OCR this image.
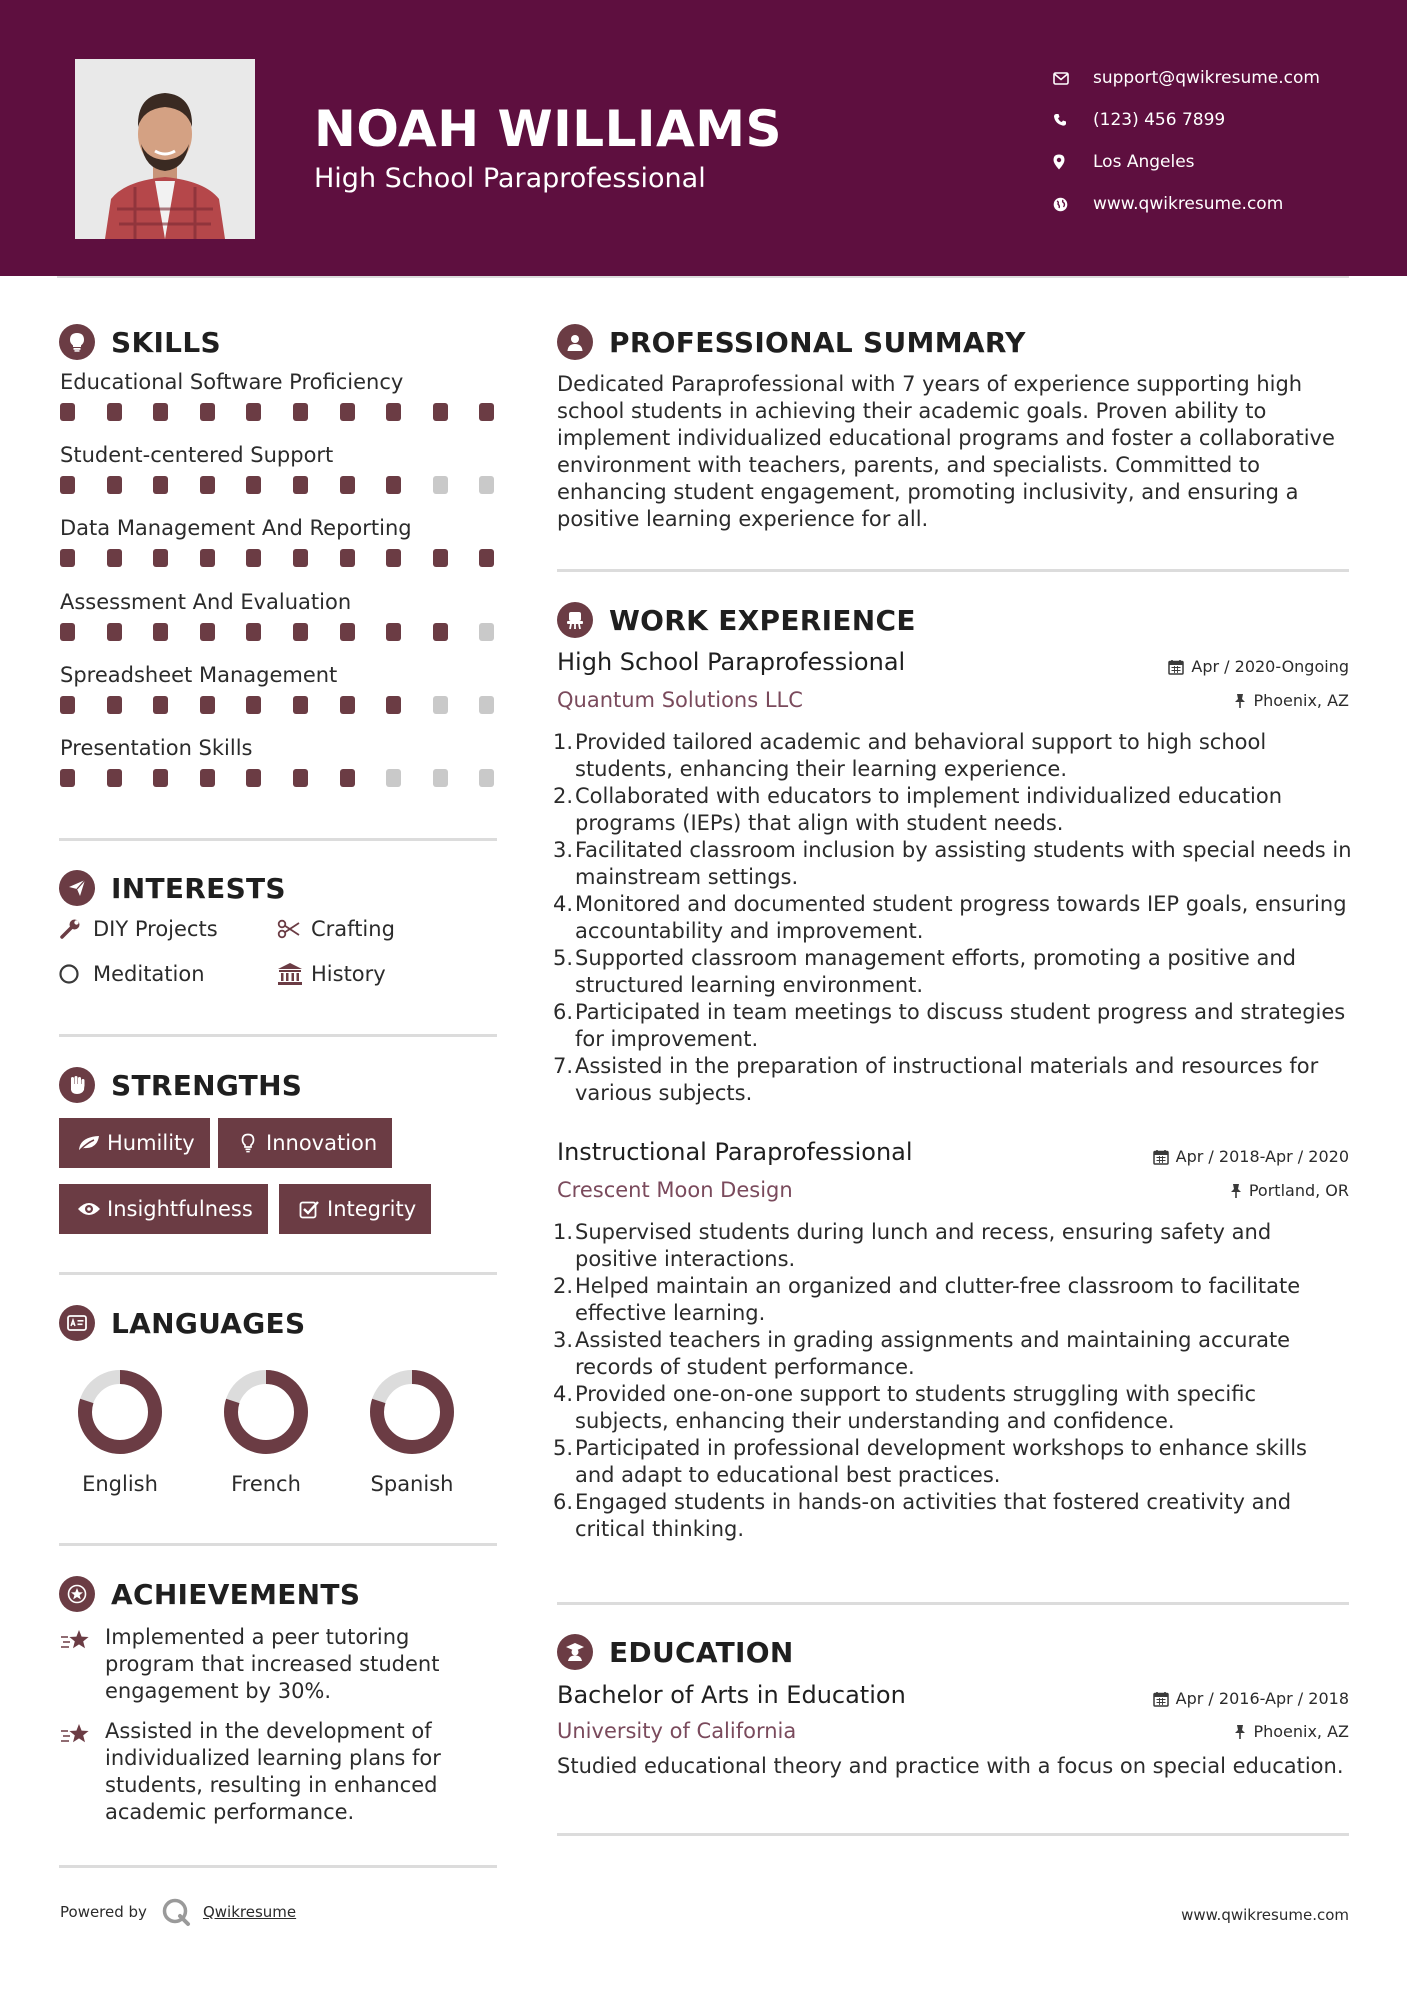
NOAH WILLIAMS
High School Paraprofessional
support@qwikresume.com
(123) 456 7899
Los Angeles
www.qwikresume.com
SKILLS
Educational Software Proficiency
Student-centered Support
Data Management And Reporting
Assessment And Evaluation
Spreadsheet Management
Presentation Skills
INTERESTS
DIY Projects	Crafting
Meditation	History
STRENGTHS
Humility	Innovation
Insightfulness	Integrity
LANGUAGES
English	French	Spanish
ACHIEVEMENTS
Implemented a peer tutoring program that increased student engagement by 30%.
Assisted in the development of individualized learning plans for students, resulting in enhanced academic performance.
PROFESSIONAL SUMMARY
Dedicated Paraprofessional with 7 years of experience supporting high school students in achieving their academic goals. Proven ability to implement individualized educational programs and foster a collaborative environment with teachers, parents, and specialists. Committed to enhancing student engagement, promoting inclusivity, and ensuring a positive learning experience for all.
WORK EXPERIENCE
High School Paraprofessional	Apr / 2020-Ongoing
Quantum Solutions LLC	Phoenix, AZ
1. Provided tailored academic and behavioral support to high school students, enhancing their learning experience.
2. Collaborated with educators to implement individualized education programs (IEPs) that align with student needs.
3. Facilitated classroom inclusion by assisting students with special needs in mainstream settings.
4. Monitored and documented student progress towards IEP goals, ensuring accountability and improvement.
5. Supported classroom management efforts, promoting a positive and structured learning environment.
6. Participated in team meetings to discuss student progress and strategies for improvement.
7. Assisted in the preparation of instructional materials and resources for various subjects.
Instructional Paraprofessional	Apr / 2018-Apr / 2020
Crescent Moon Design	Portland, OR
1. Supervised students during lunch and recess, ensuring safety and positive interactions.
2. Helped maintain an organized and clutter-free classroom to facilitate effective learning.
3. Assisted teachers in grading assignments and maintaining accurate records of student performance.
4. Provided one-on-one support to students struggling with specific subjects, enhancing their understanding and confidence.
5. Participated in professional development workshops to enhance skills and adapt to educational best practices.
6. Engaged students in hands-on activities that fostered creativity and critical thinking.
EDUCATION
Bachelor of Arts in Education	Apr / 2016-Apr / 2018
University of California	Phoenix, AZ
Studied educational theory and practice with a focus on special education.
Powered by	Qwikresume	www.qwikresume.com
